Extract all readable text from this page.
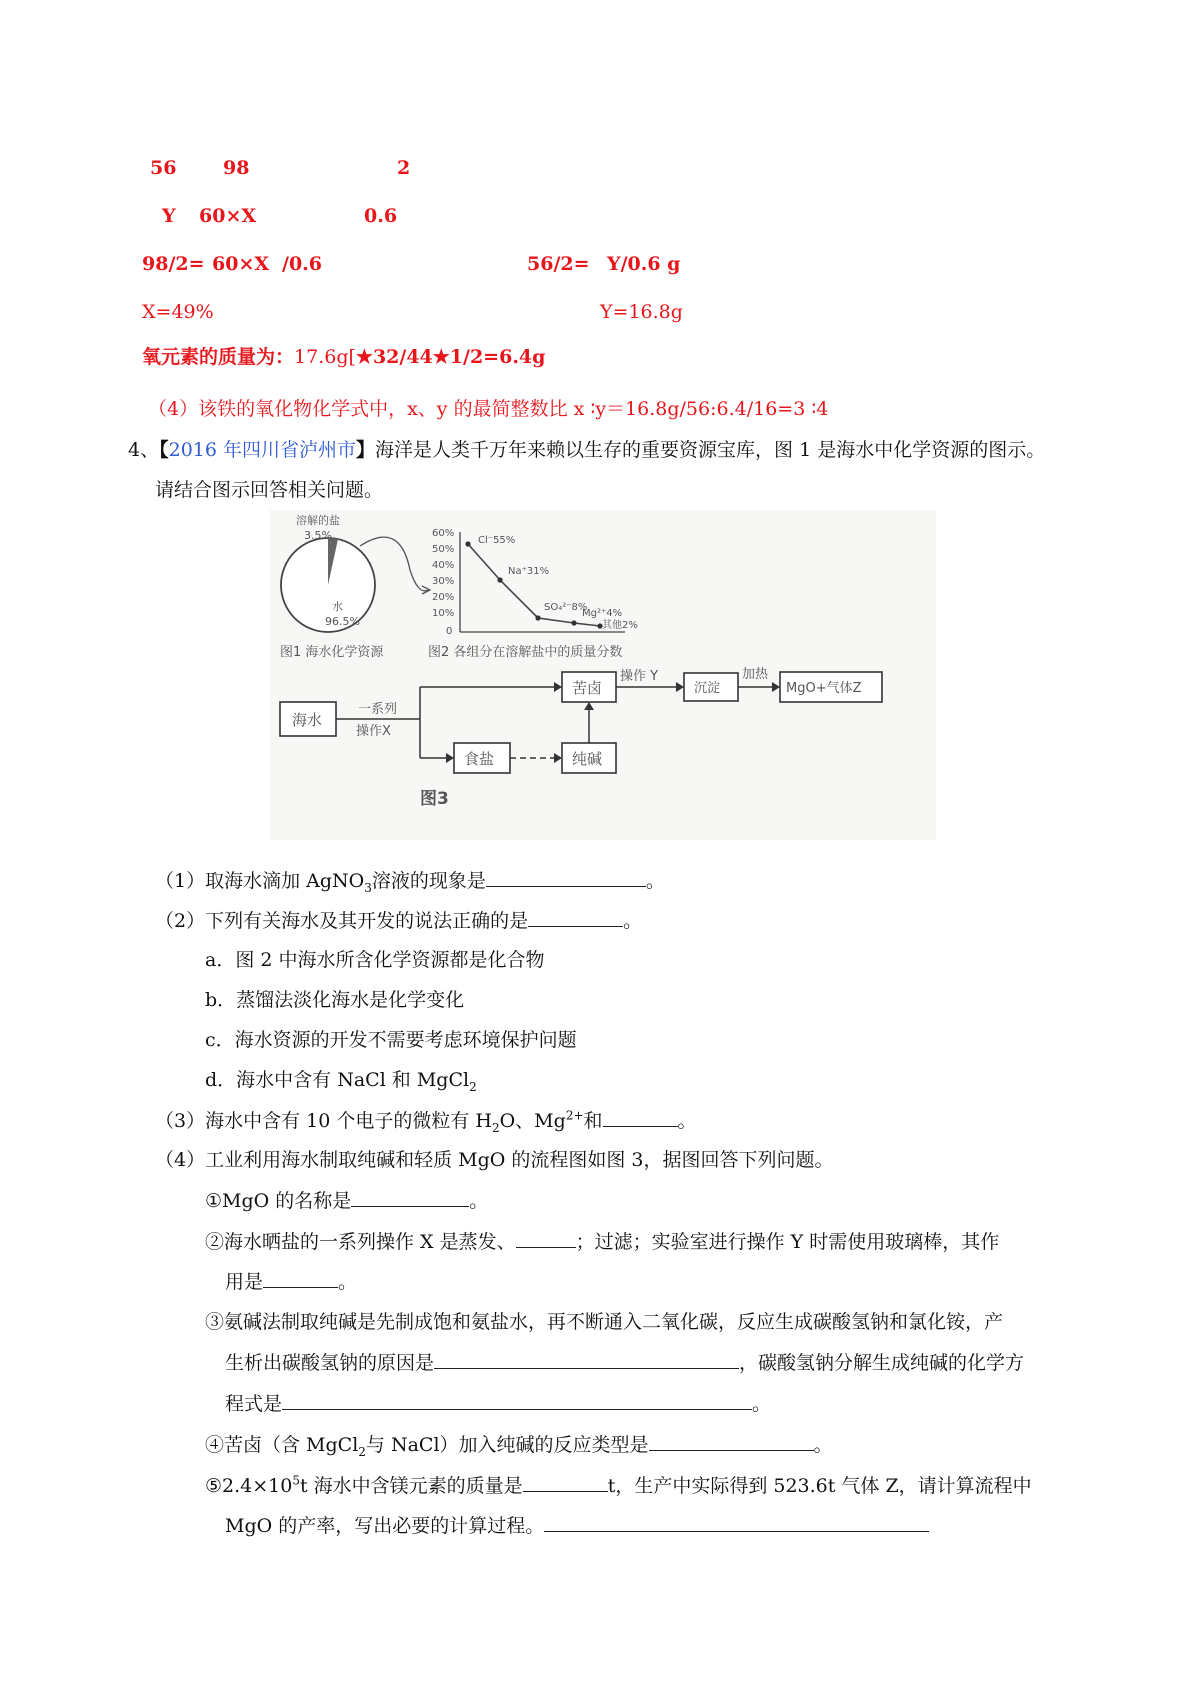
56 98	2
Y 60×X	0.6
98/2= 60×X /0.6	56/2= Y/0.6 g
X=49%	Y=16.8g
氧元素的质量为：17.6g[★32/44★1/2=6.4g
（4）该铁的氧化物化学式中，x、y 的最简整数比 x ∶y＝16.8g/56:6.4/16=3 ∶4
4、【2016 年四川省泸州市】海洋是人类千万年来赖以生存的重要资源宝库，图 1 是海水中化学资源的图示。
请结合图示回答相关问题。
溶解的盐
3.5%
水
96.5%
60%
50%
40%
30%
20%
10%
0
Cl⁻55%
Na⁺31%
SO₄²⁻8%
Mg²⁺4%
其他2%
图1 海水化学资源	图2 各组分在溶解盐中的质量分数
海水
一系列
操作X
苦卤
操作 Y
沉淀
加热
MgO+气体Z
食盐	纯碱
图3
（1）取海水滴加 AgNO$_3$溶液的现象是	。
（2）下列有关海水及其开发的说法正确的是	。
a．图 2 中海水所含化学资源都是化合物
b．蒸馏法淡化海水是化学变化
c．海水资源的开发不需要考虑环境保护问题
d．海水中含有 NaCl 和 MgCl$_2$
（3）海水中含有 10 个电子的微粒有 $H_2O$、$Mg^{2+}$和	。
（4）工业利用海水制取纯碱和轻质 MgO 的流程图如图 3，据图回答下列问题。
①MgO 的名称是	。
②海水晒盐的一系列操作 X 是蒸发、	；过滤；实验室进行操作 Y 时需使用玻璃棒，其作
用是	。
③氨碱法制取纯碱是先制成饱和氨盐水，再不断通入二氧化碳，反应生成碳酸氢钠和氯化铵，产
生析出碳酸氢钠的原因是	，碳酸氢钠分解生成纯碱的化学方
程式是	。
④苦卤（含 MgCl$_2$与 NaCl）加入纯碱的反应类型是	。
$⑤2.4\times 10^5t$ 海水中含镁元素的质量是	t，生产中实际得到 523.6t 气体 Z，请计算流程中
MgO 的产率，写出必要的计算过程。
